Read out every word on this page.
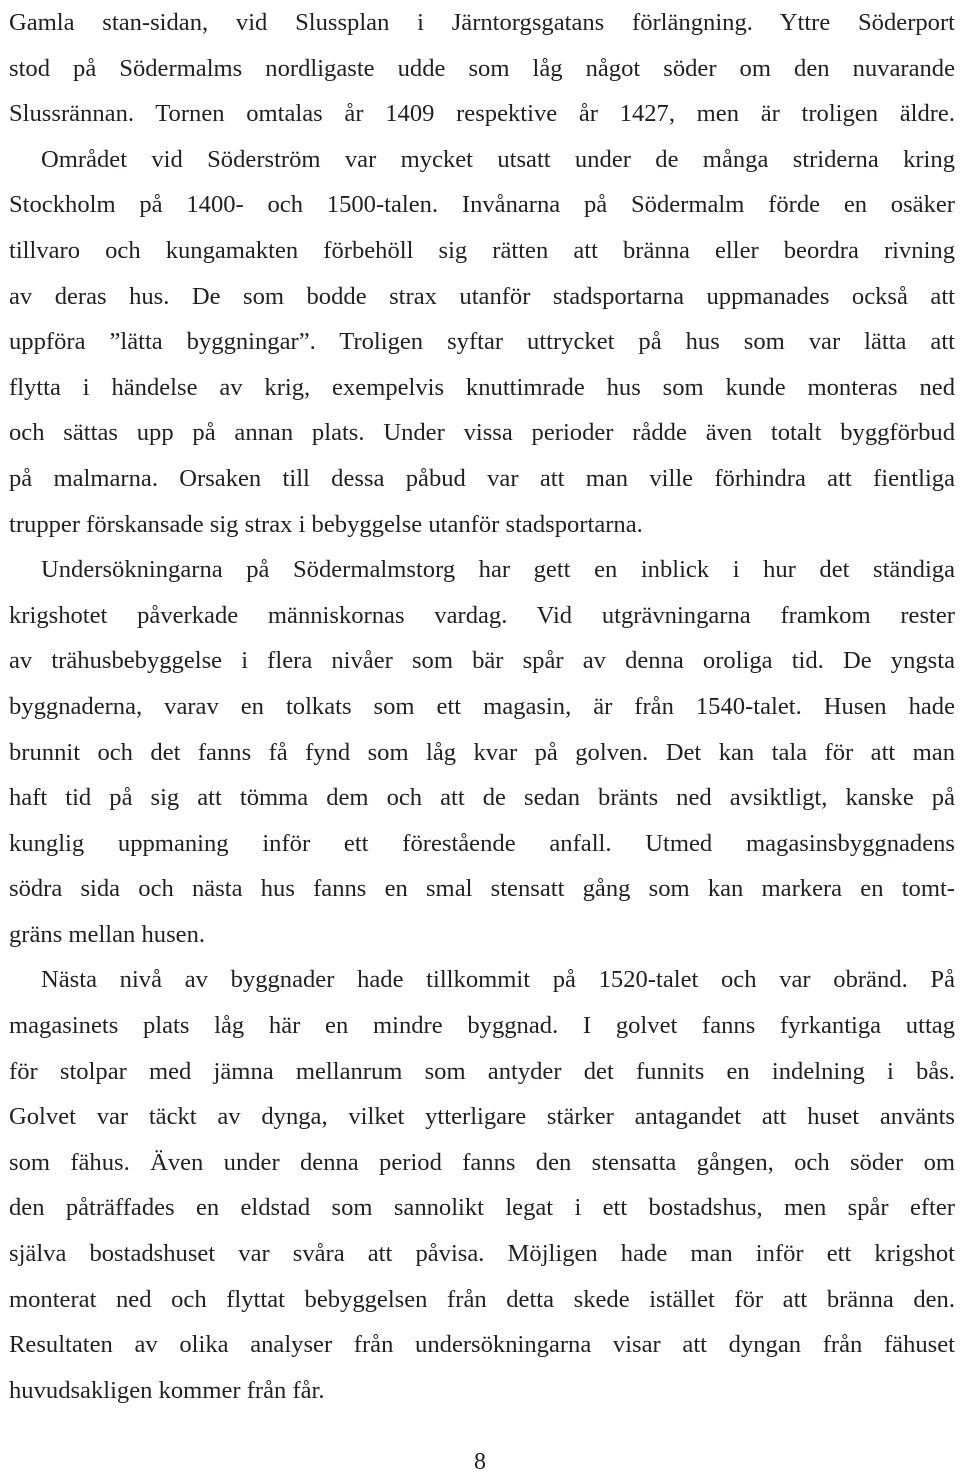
Gamla stan-sidan, vid Slussplan i Järntorgsgatans förlängning. Yttre Söderport
stod på Södermalms nordligaste udde som låg något söder om den nuvarande
Slussrännan. Tornen omtalas år 1409 respektive år 1427, men är troligen äldre.
Området vid Söderström var mycket utsatt under de många striderna kring
Stockholm på 1400- och 1500-talen. Invånarna på Södermalm förde en osäker
tillvaro och kungamakten förbehöll sig rätten att bränna eller beordra rivning
av deras hus. De som bodde strax utanför stadsportarna uppmanades också att
uppföra ”lätta byggningar”. Troligen syftar uttrycket på hus som var lätta att
flytta i händelse av krig, exempelvis knuttimrade hus som kunde monteras ned
och sättas upp på annan plats. Under vissa perioder rådde även totalt byggförbud
på malmarna. Orsaken till dessa påbud var att man ville förhindra att fientliga
trupper förskansade sig strax i bebyggelse utanför stadsportarna.
Undersökningarna på Södermalmstorg har gett en inblick i hur det ständiga
krigshotet påverkade människornas vardag. Vid utgrävningarna framkom rester
av trähusbebyggelse i flera nivåer som bär spår av denna oroliga tid. De yngsta
byggnaderna, varav en tolkats som ett magasin, är från 1540-talet. Husen hade
brunnit och det fanns få fynd som låg kvar på golven. Det kan tala för att man
haft tid på sig att tömma dem och att de sedan bränts ned avsiktligt, kanske på
kunglig uppmaning inför ett förestående anfall. Utmed magasinsbyggnadens
södra sida och nästa hus fanns en smal stensatt gång som kan markera en tomt-
gräns mellan husen.
Nästa nivå av byggnader hade tillkommit på 1520-talet och var obränd. På
magasinets plats låg här en mindre byggnad. I golvet fanns fyrkantiga uttag
för stolpar med jämna mellanrum som antyder det funnits en indelning i bås.
Golvet var täckt av dynga, vilket ytterligare stärker antagandet att huset använts
som fähus. Även under denna period fanns den stensatta gången, och söder om
den påträffades en eldstad som sannolikt legat i ett bostadshus, men spår efter
själva bostadshuset var svåra att påvisa. Möjligen hade man inför ett krigshot
monterat ned och flyttat bebyggelsen från detta skede istället för att bränna den.
Resultaten av olika analyser från undersökningarna visar att dyngan från fähuset
huvudsakligen kommer från får.
8
